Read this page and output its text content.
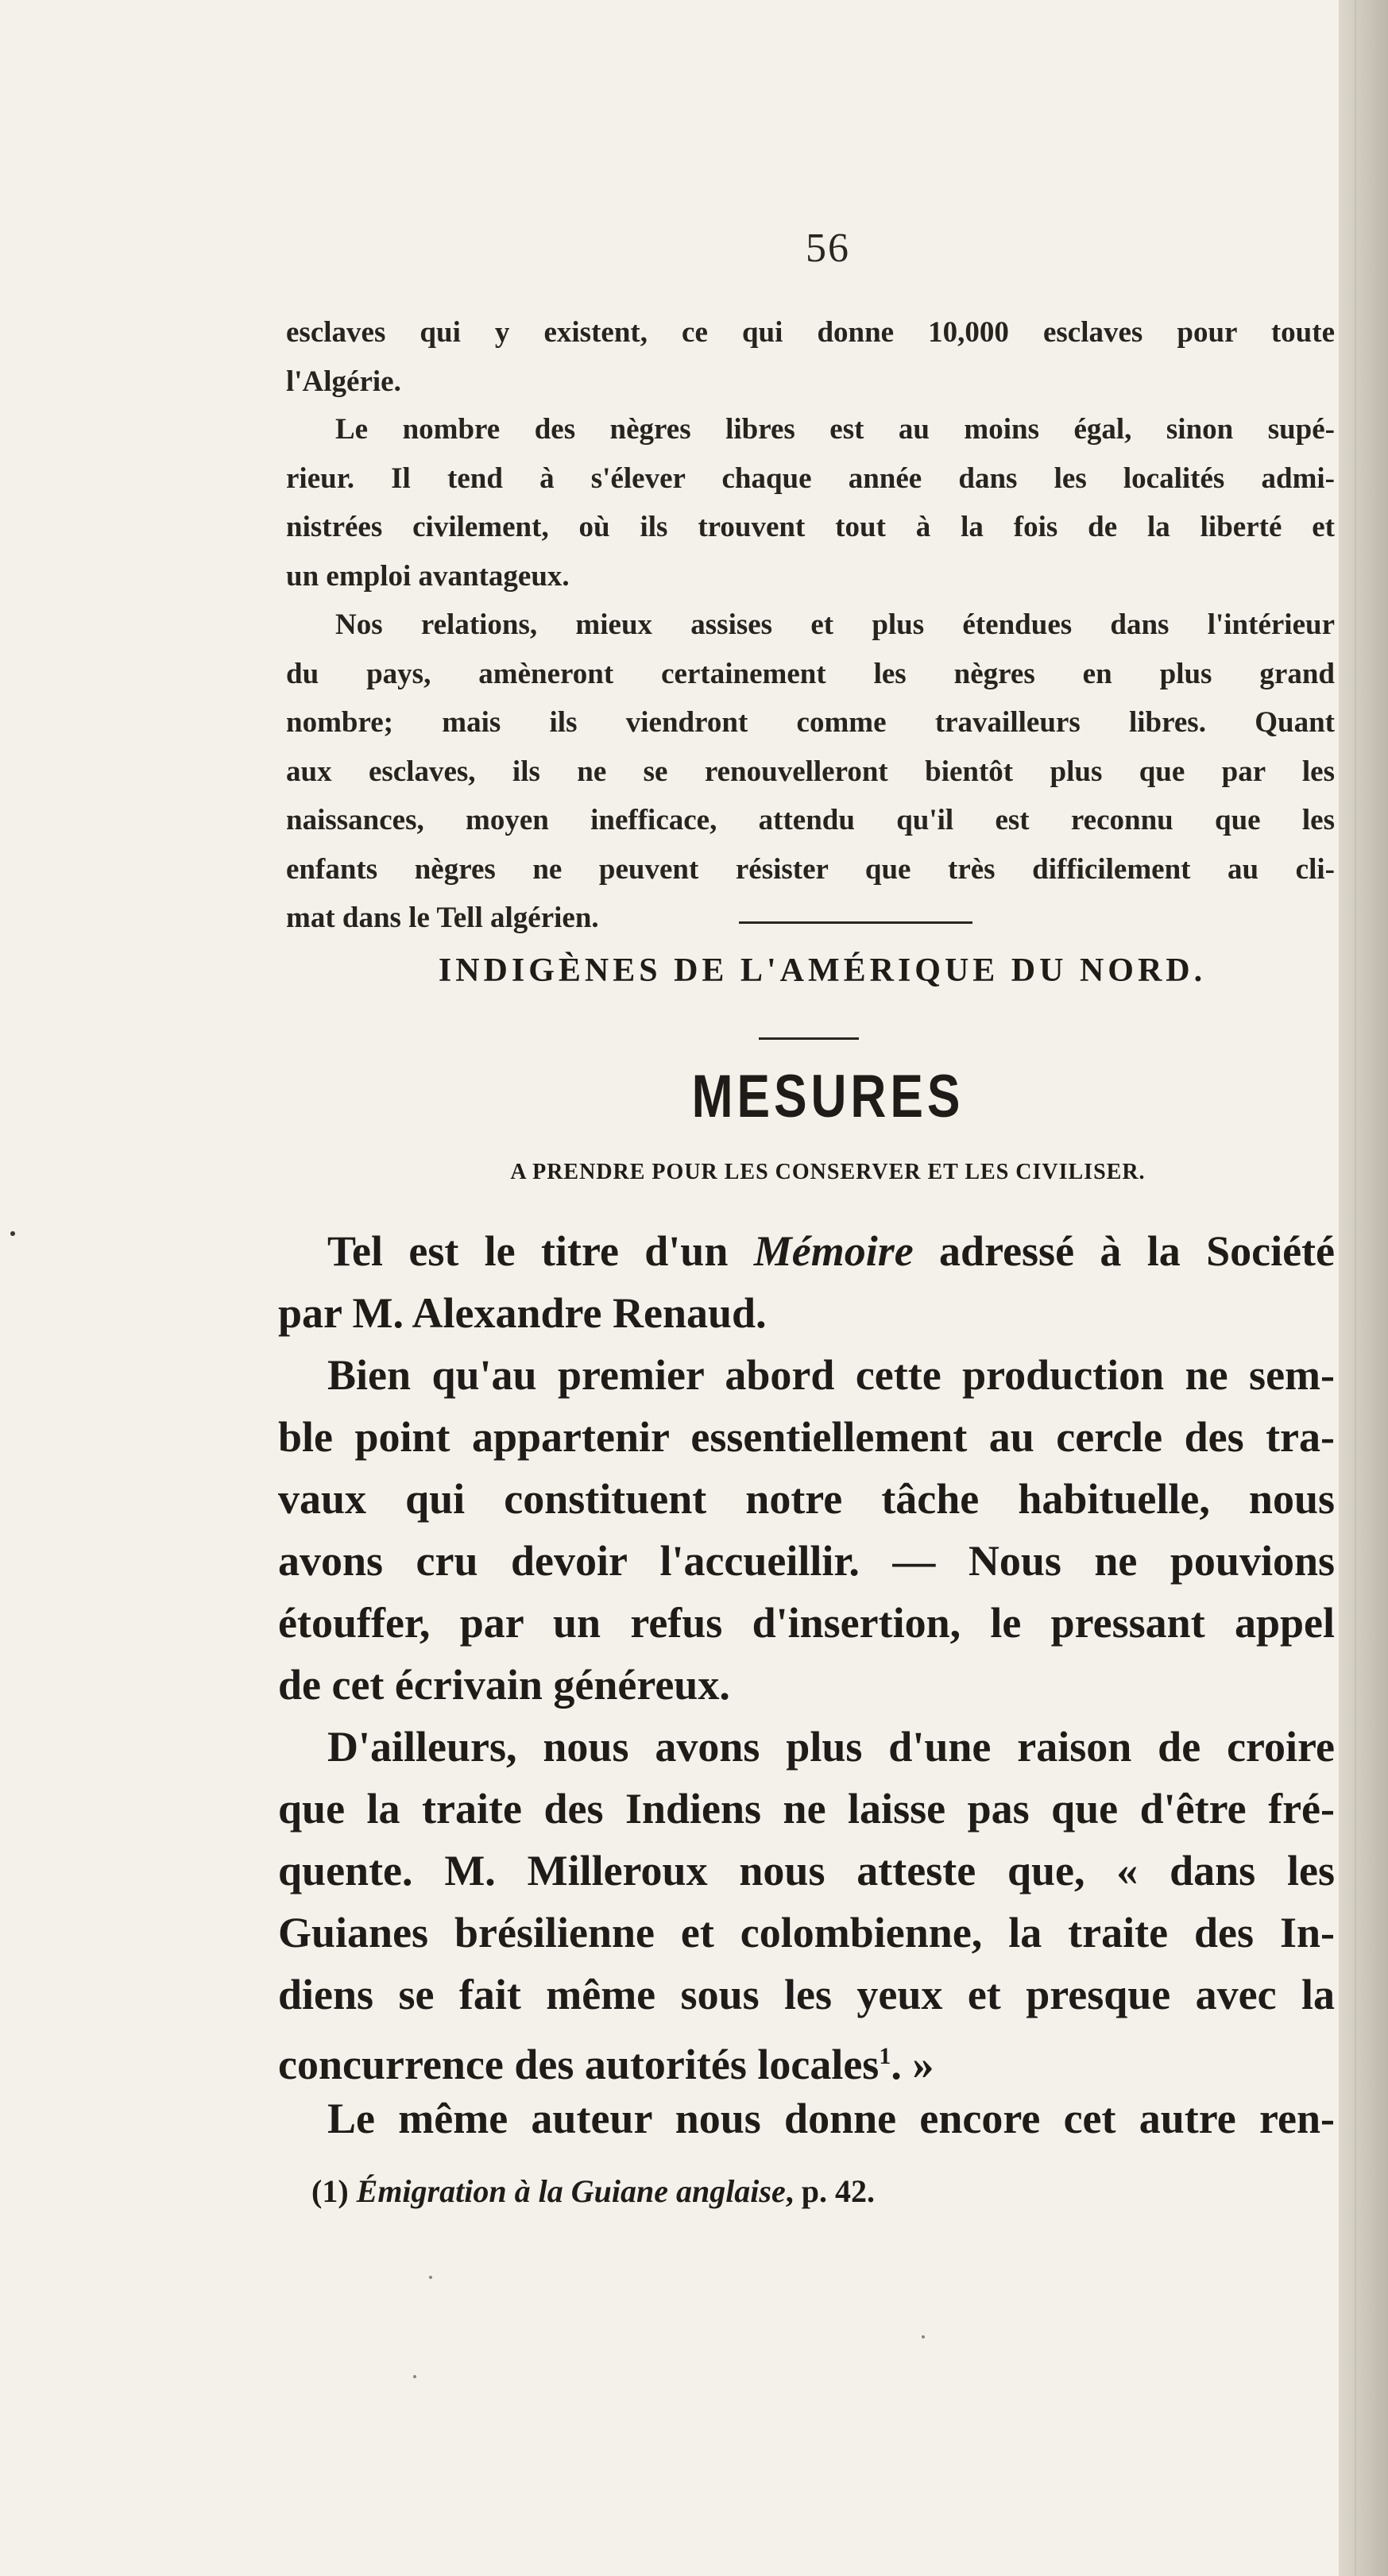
56
esclaves qui y existent, ce qui donne 10,000 esclaves pour toute
l'Algérie.
Le nombre des nègres libres est au moins égal, sinon supé-
rieur. Il tend à s'élever chaque année dans les localités admi-
nistrées civilement, où ils trouvent tout à la fois de la liberté et
un emploi avantageux.
Nos relations, mieux assises et plus étendues dans l'intérieur
du pays, amèneront certainement les nègres en plus grand
nombre; mais ils viendront comme travailleurs libres. Quant
aux esclaves, ils ne se renouvelleront bientôt plus que par les
naissances, moyen inefficace, attendu qu'il est reconnu que les
enfants nègres ne peuvent résister que très difficilement au cli-
mat dans le Tell algérien.
INDIGÈNES DE L'AMÉRIQUE DU NORD.
MESURES
A PRENDRE POUR LES CONSERVER ET LES CIVILISER.
Tel est le titre d'un Mémoire adressé à la Société
par M. Alexandre Renaud.
Bien qu'au premier abord cette production ne sem-
ble point appartenir essentiellement au cercle des tra-
vaux qui constituent notre tâche habituelle, nous
avons cru devoir l'accueillir. — Nous ne pouvions
étouffer, par un refus d'insertion, le pressant appel
de cet écrivain généreux.
D'ailleurs, nous avons plus d'une raison de croire
que la traite des Indiens ne laisse pas que d'être fré-
quente. M. Milleroux nous atteste que, « dans les
Guianes brésilienne et colombienne, la traite des In-
diens se fait même sous les yeux et presque avec la
concurrence des autorités locales$^1$. »
Le même auteur nous donne encore cet autre ren-
(1) Émigration à la Guiane anglaise, p. 42.
